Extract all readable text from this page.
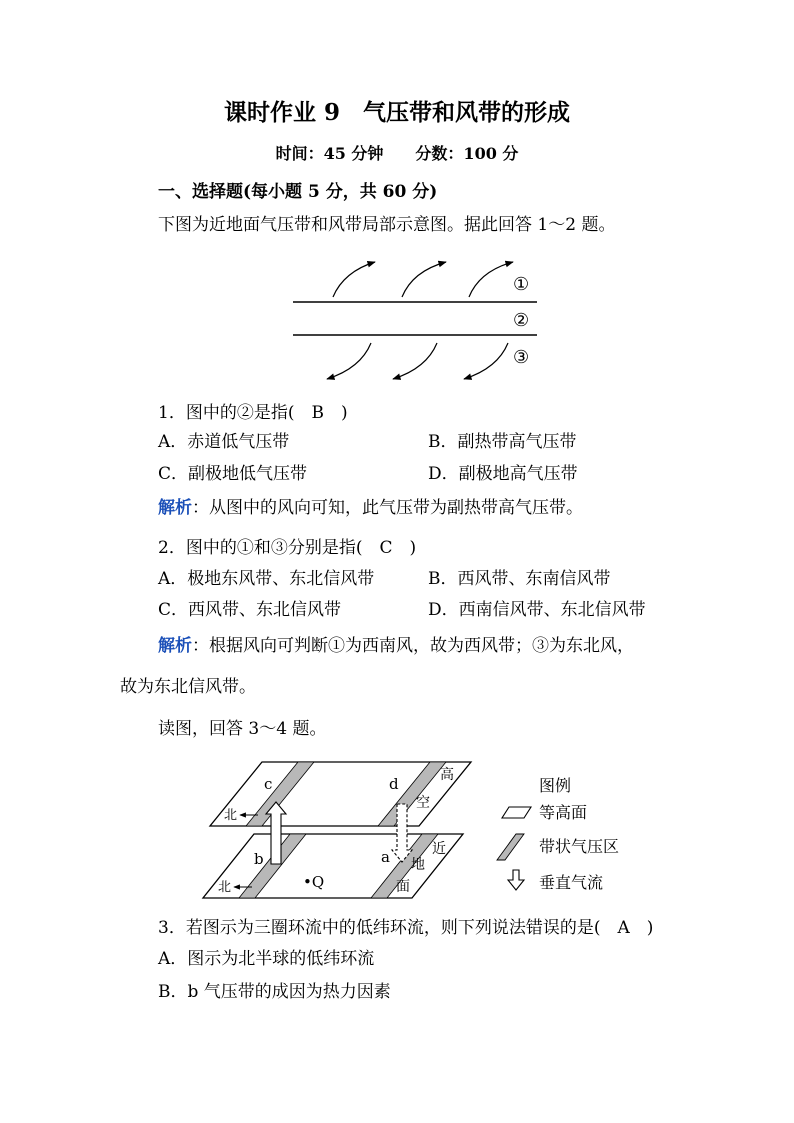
课时作业 9　气压带和风带的形成
时间：45 分钟　　分数：100 分
一、选择题(每小题 5 分，共 60 分)
下图为近地面气压带和风带局部示意图。据此回答 1～2 题。
①
②
③
1．图中的②是指(　B　)
A．赤道低气压带	B．副热带高气压带
C．副极地低气压带	D．副极地高气压带
解析：从图中的风向可知，此气压带为副热带高气压带。
2．图中的①和③分别是指(　C　)
A．极地东风带、东北信风带	B．西风带、东南信风带
C．西风带、东北信风带	D．西南信风带、东北信风带
解析：根据风向可判断①为西南风，故为西风带；③为东北风，
故为东北信风带。
读图，回答 3～4 题。
c	d
b	a
•Q
北
北
高
空
近
地
面
图例
等高面
带状气压区
垂直气流
3．若图示为三圈环流中的低纬环流，则下列说法错误的是(　A　)
A．图示为北半球的低纬环流
B．b 气压带的成因为热力因素
